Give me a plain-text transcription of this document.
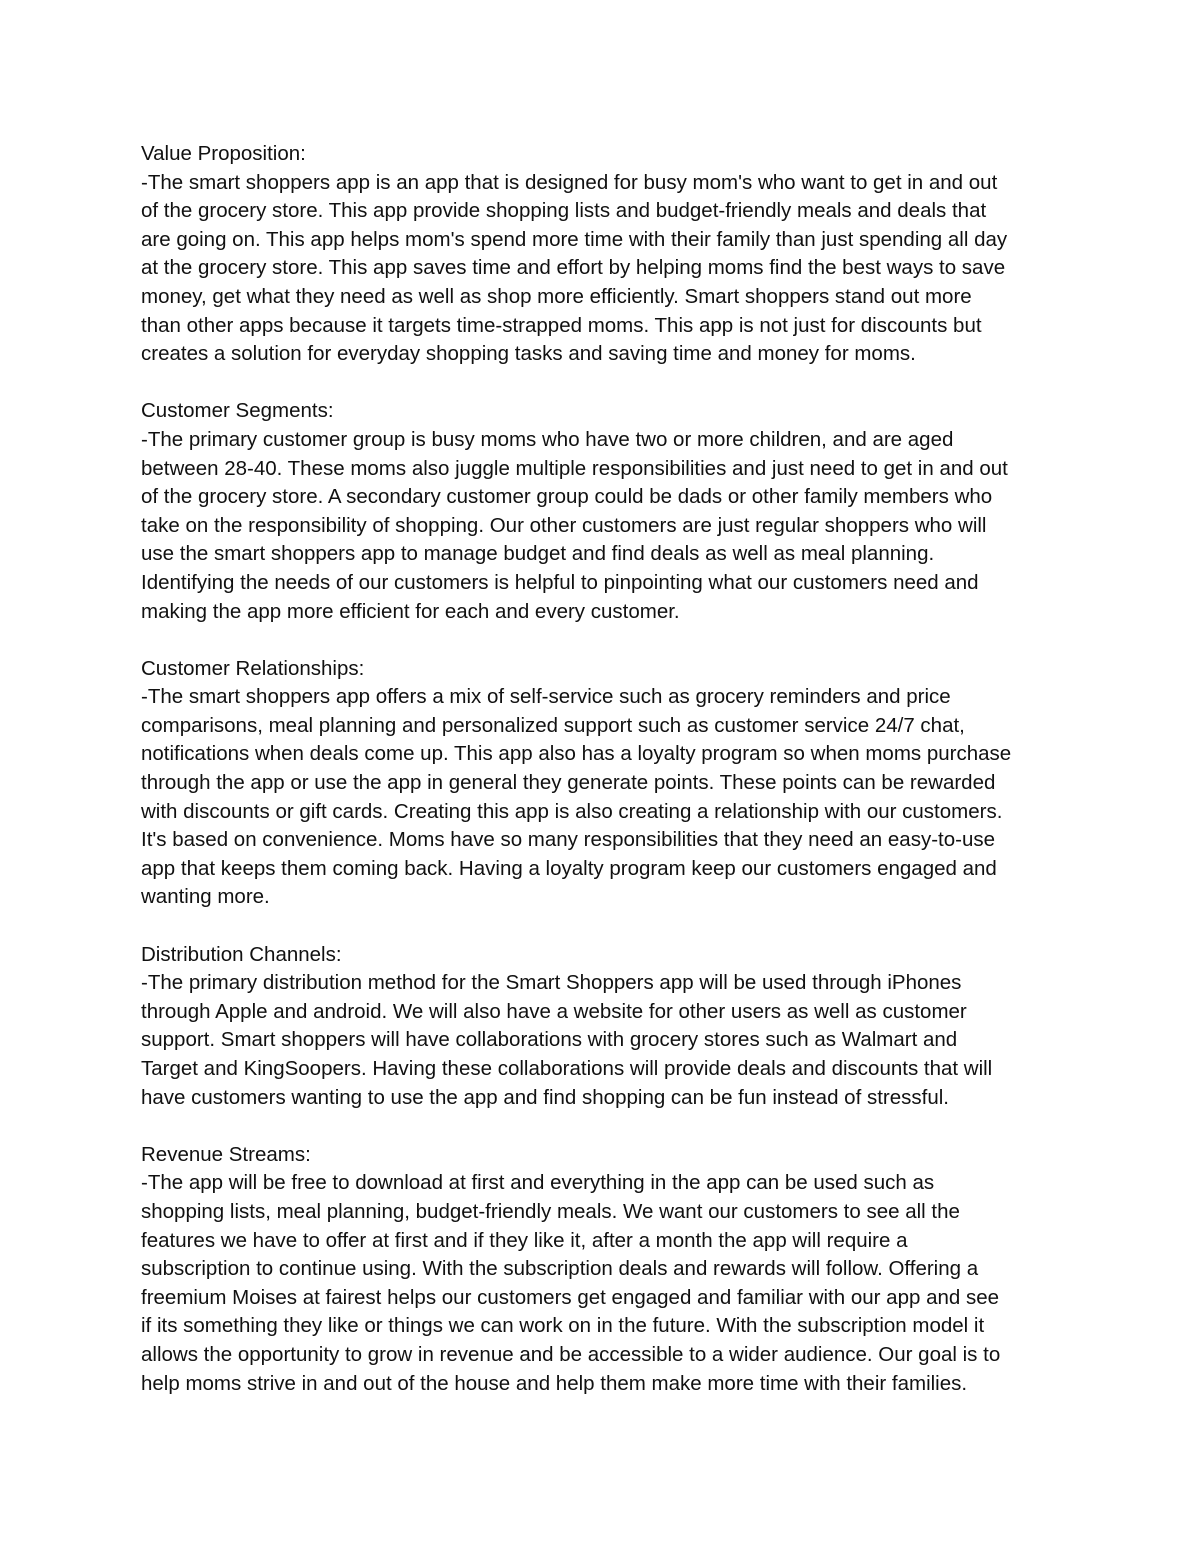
Value Proposition:
-The smart shoppers app is an app that is designed for busy mom's who want to get in and out
of the grocery store. This app provide shopping lists and budget-friendly meals and deals that
are going on. This app helps mom's spend more time with their family than just spending all day
at the grocery store. This app saves time and effort by helping moms find the best ways to save
money, get what they need as well as shop more efficiently. Smart shoppers stand out more
than other apps because it targets time-strapped moms. This app is not just for discounts but
creates a solution for everyday shopping tasks and saving time and money for moms.
Customer Segments:
-The primary customer group is busy moms who have two or more children, and are aged
between 28-40. These moms also juggle multiple responsibilities and just need to get in and out
of the grocery store. A secondary customer group could be dads or other family members who
take on the responsibility of shopping. Our other customers are just regular shoppers who will
use the smart shoppers app to manage budget and find deals as well as meal planning.
Identifying the needs of our customers is helpful to pinpointing what our customers need and
making the app more efficient for each and every customer.
Customer Relationships:
-The smart shoppers app offers a mix of self-service such as grocery reminders and price
comparisons, meal planning and personalized support such as customer service 24/7 chat,
notifications when deals come up. This app also has a loyalty program so when moms purchase
through the app or use the app in general they generate points. These points can be rewarded
with discounts or gift cards. Creating this app is also creating a relationship with our customers.
It's based on convenience. Moms have so many responsibilities that they need an easy-to-use
app that keeps them coming back. Having a loyalty program keep our customers engaged and
wanting more.
Distribution Channels:
-The primary distribution method for the Smart Shoppers app will be used through iPhones
through Apple and android. We will also have a website for other users as well as customer
support. Smart shoppers will have collaborations with grocery stores such as Walmart and
Target and KingSoopers. Having these collaborations will provide deals and discounts that will
have customers wanting to use the app and find shopping can be fun instead of stressful.
Revenue Streams:
-The app will be free to download at first and everything in the app can be used such as
shopping lists, meal planning, budget-friendly meals. We want our customers to see all the
features we have to offer at first and if they like it, after a month the app will require a
subscription to continue using. With the subscription deals and rewards will follow. Offering a
freemium Moises at fairest helps our customers get engaged and familiar with our app and see
if its something they like or things we can work on in the future. With the subscription model it
allows the opportunity to grow in revenue and be accessible to a wider audience. Our goal is to
help moms strive in and out of the house and help them make more time with their families.
